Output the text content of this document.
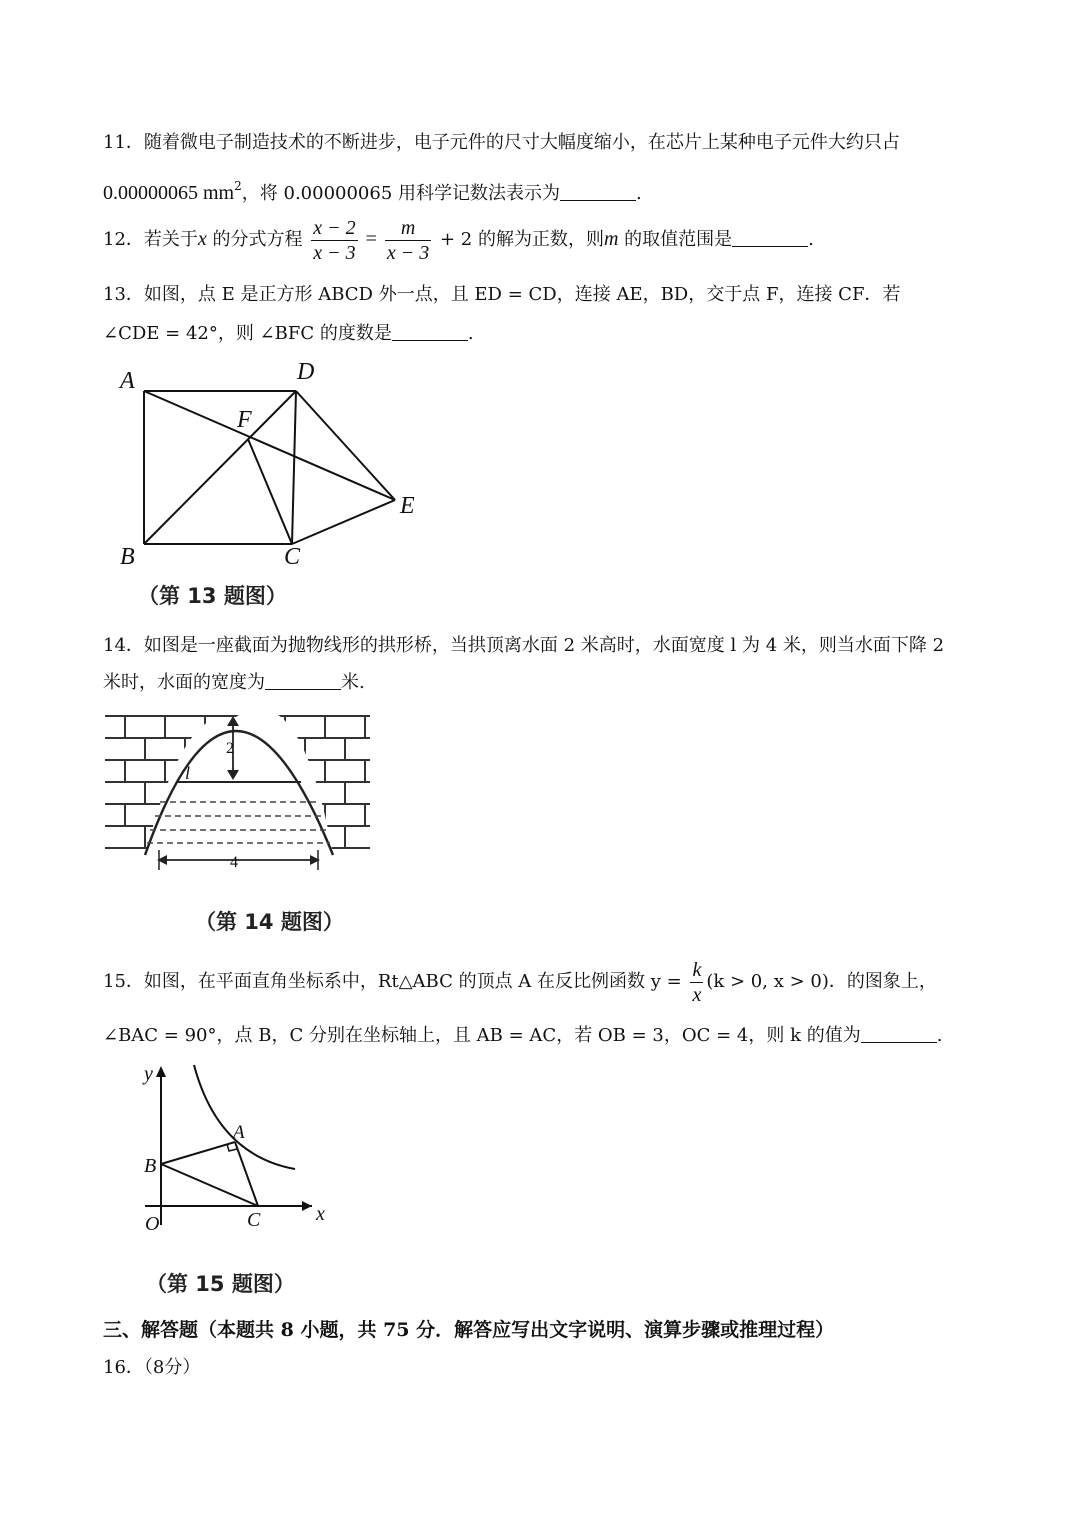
11．随着微电子制造技术的不断进步，电子元件的尺寸大幅度缩小，在芯片上某种电子元件大约只占
0.00000065 $mm^2$，将 0.00000065 用科学记数法表示为	.
12．若关于x 的分式方程 $\frac{x - 2}{x - 3} = \frac{m}{x - 3} + 2$ 的解为正数，则m 的取值范围是	.
13．如图，点 E 是正方形 ABCD 外一点，且 ED = CD，连接 AE，BD，交于点 F，连接 CF．若
∠CDE = 42°，则 ∠BFC 的度数是	.
A	D
F
E
B	C
（第 13 题图）
14．如图是一座截面为抛物线形的拱形桥，当拱顶离水面 2 米高时，水面宽度 l 为 4 米，则当水面下降 2
米时，水面的宽度为	米.
2
l
4
（第 14 题图）
15．如图，在平面直角坐标系中，Rt△ABC 的顶点 A 在反比例函数 $y = \frac{k}{x} (k > 0$, x > 0)．的图象上，
∠BAC = 90°，点 B，C 分别在坐标轴上，且 AB = AC，若 OB = 3，OC = 4，则 k 的值为	.
x
y
O
A
B
C
（第 15 题图）
三、解答题（本题共 8 小题，共 75 分．解答应写出文字说明、演算步骤或推理过程）
16．（8分）
